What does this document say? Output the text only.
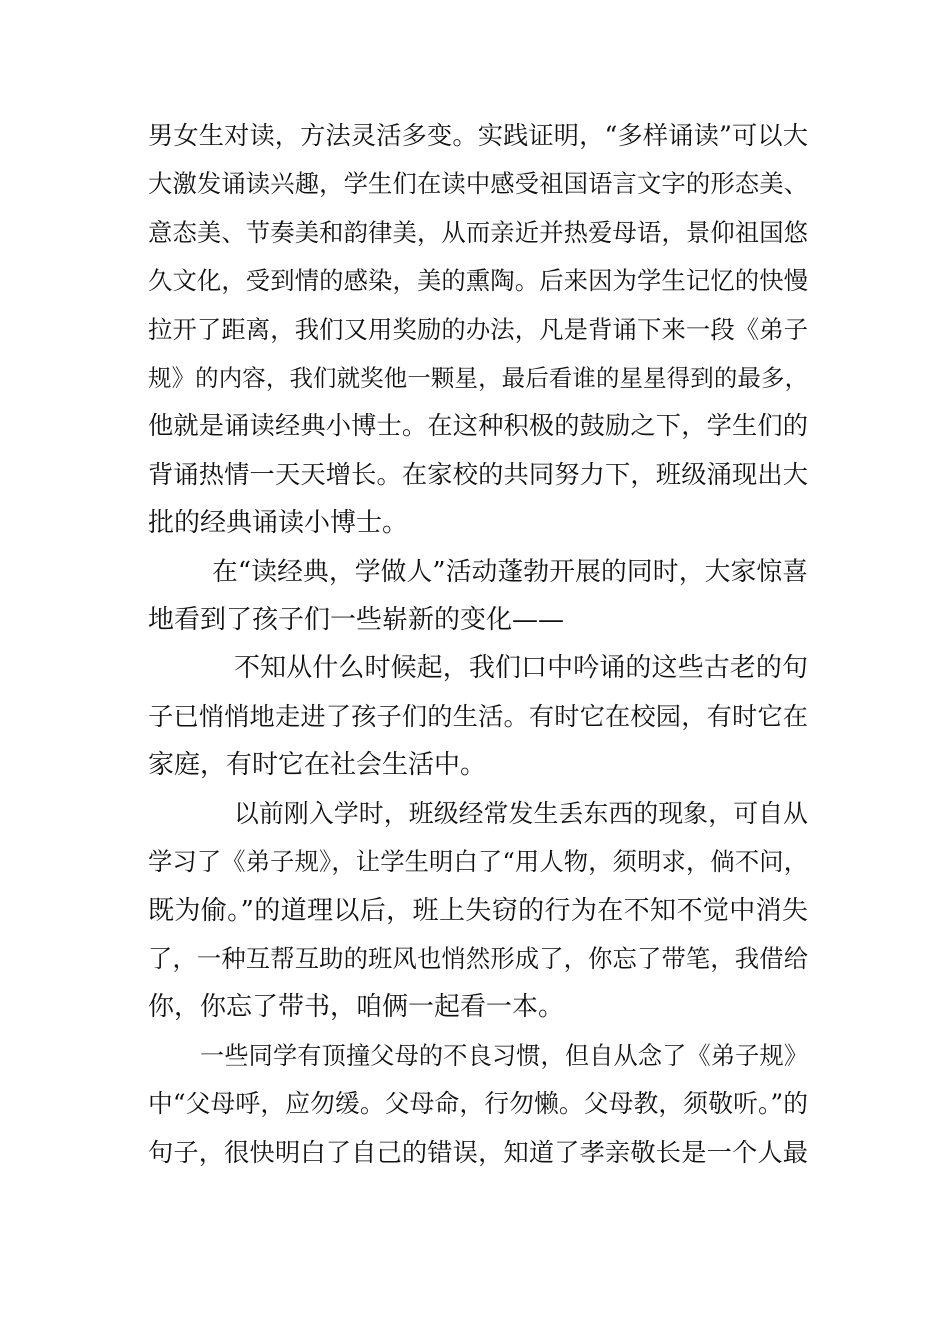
男女生对读，方法灵活多变。实践证明，“多样诵读”可以大
大激发诵读兴趣，学生们在读中感受祖国语言文字的形态美、
意态美、节奏美和韵律美，从而亲近并热爱母语，景仰祖国悠
久文化，受到情的感染，美的熏陶。后来因为学生记忆的快慢
拉开了距离，我们又用奖励的办法，凡是背诵下来一段《弟子
规》的内容，我们就奖他一颗星，最后看谁的星星得到的最多，
他就是诵读经典小博士。在这种积极的鼓励之下，学生们的
背诵热情一天天增长。在家校的共同努力下，班级涌现出大
批的经典诵读小博士。
在“读经典，学做人”活动蓬勃开展的同时，大家惊喜
地看到了孩子们一些崭新的变化——
不知从什么时候起，我们口中吟诵的这些古老的句
子已悄悄地走进了孩子们的生活。有时它在校园，有时它在
家庭，有时它在社会生活中。
以前刚入学时，班级经常发生丢东西的现象，可自从
学习了《弟子规》，让学生明白了“用人物，须明求，倘不问，
既为偷。”的道理以后，班上失窃的行为在不知不觉中消失
了，一种互帮互助的班风也悄然形成了，你忘了带笔，我借给
你，你忘了带书，咱俩一起看一本。
一些同学有顶撞父母的不良习惯，但自从念了《弟子规》
中“父母呼，应勿缓。父母命，行勿懒。父母教，须敬听。”的
句子，很快明白了自己的错误，知道了孝亲敬长是一个人最
